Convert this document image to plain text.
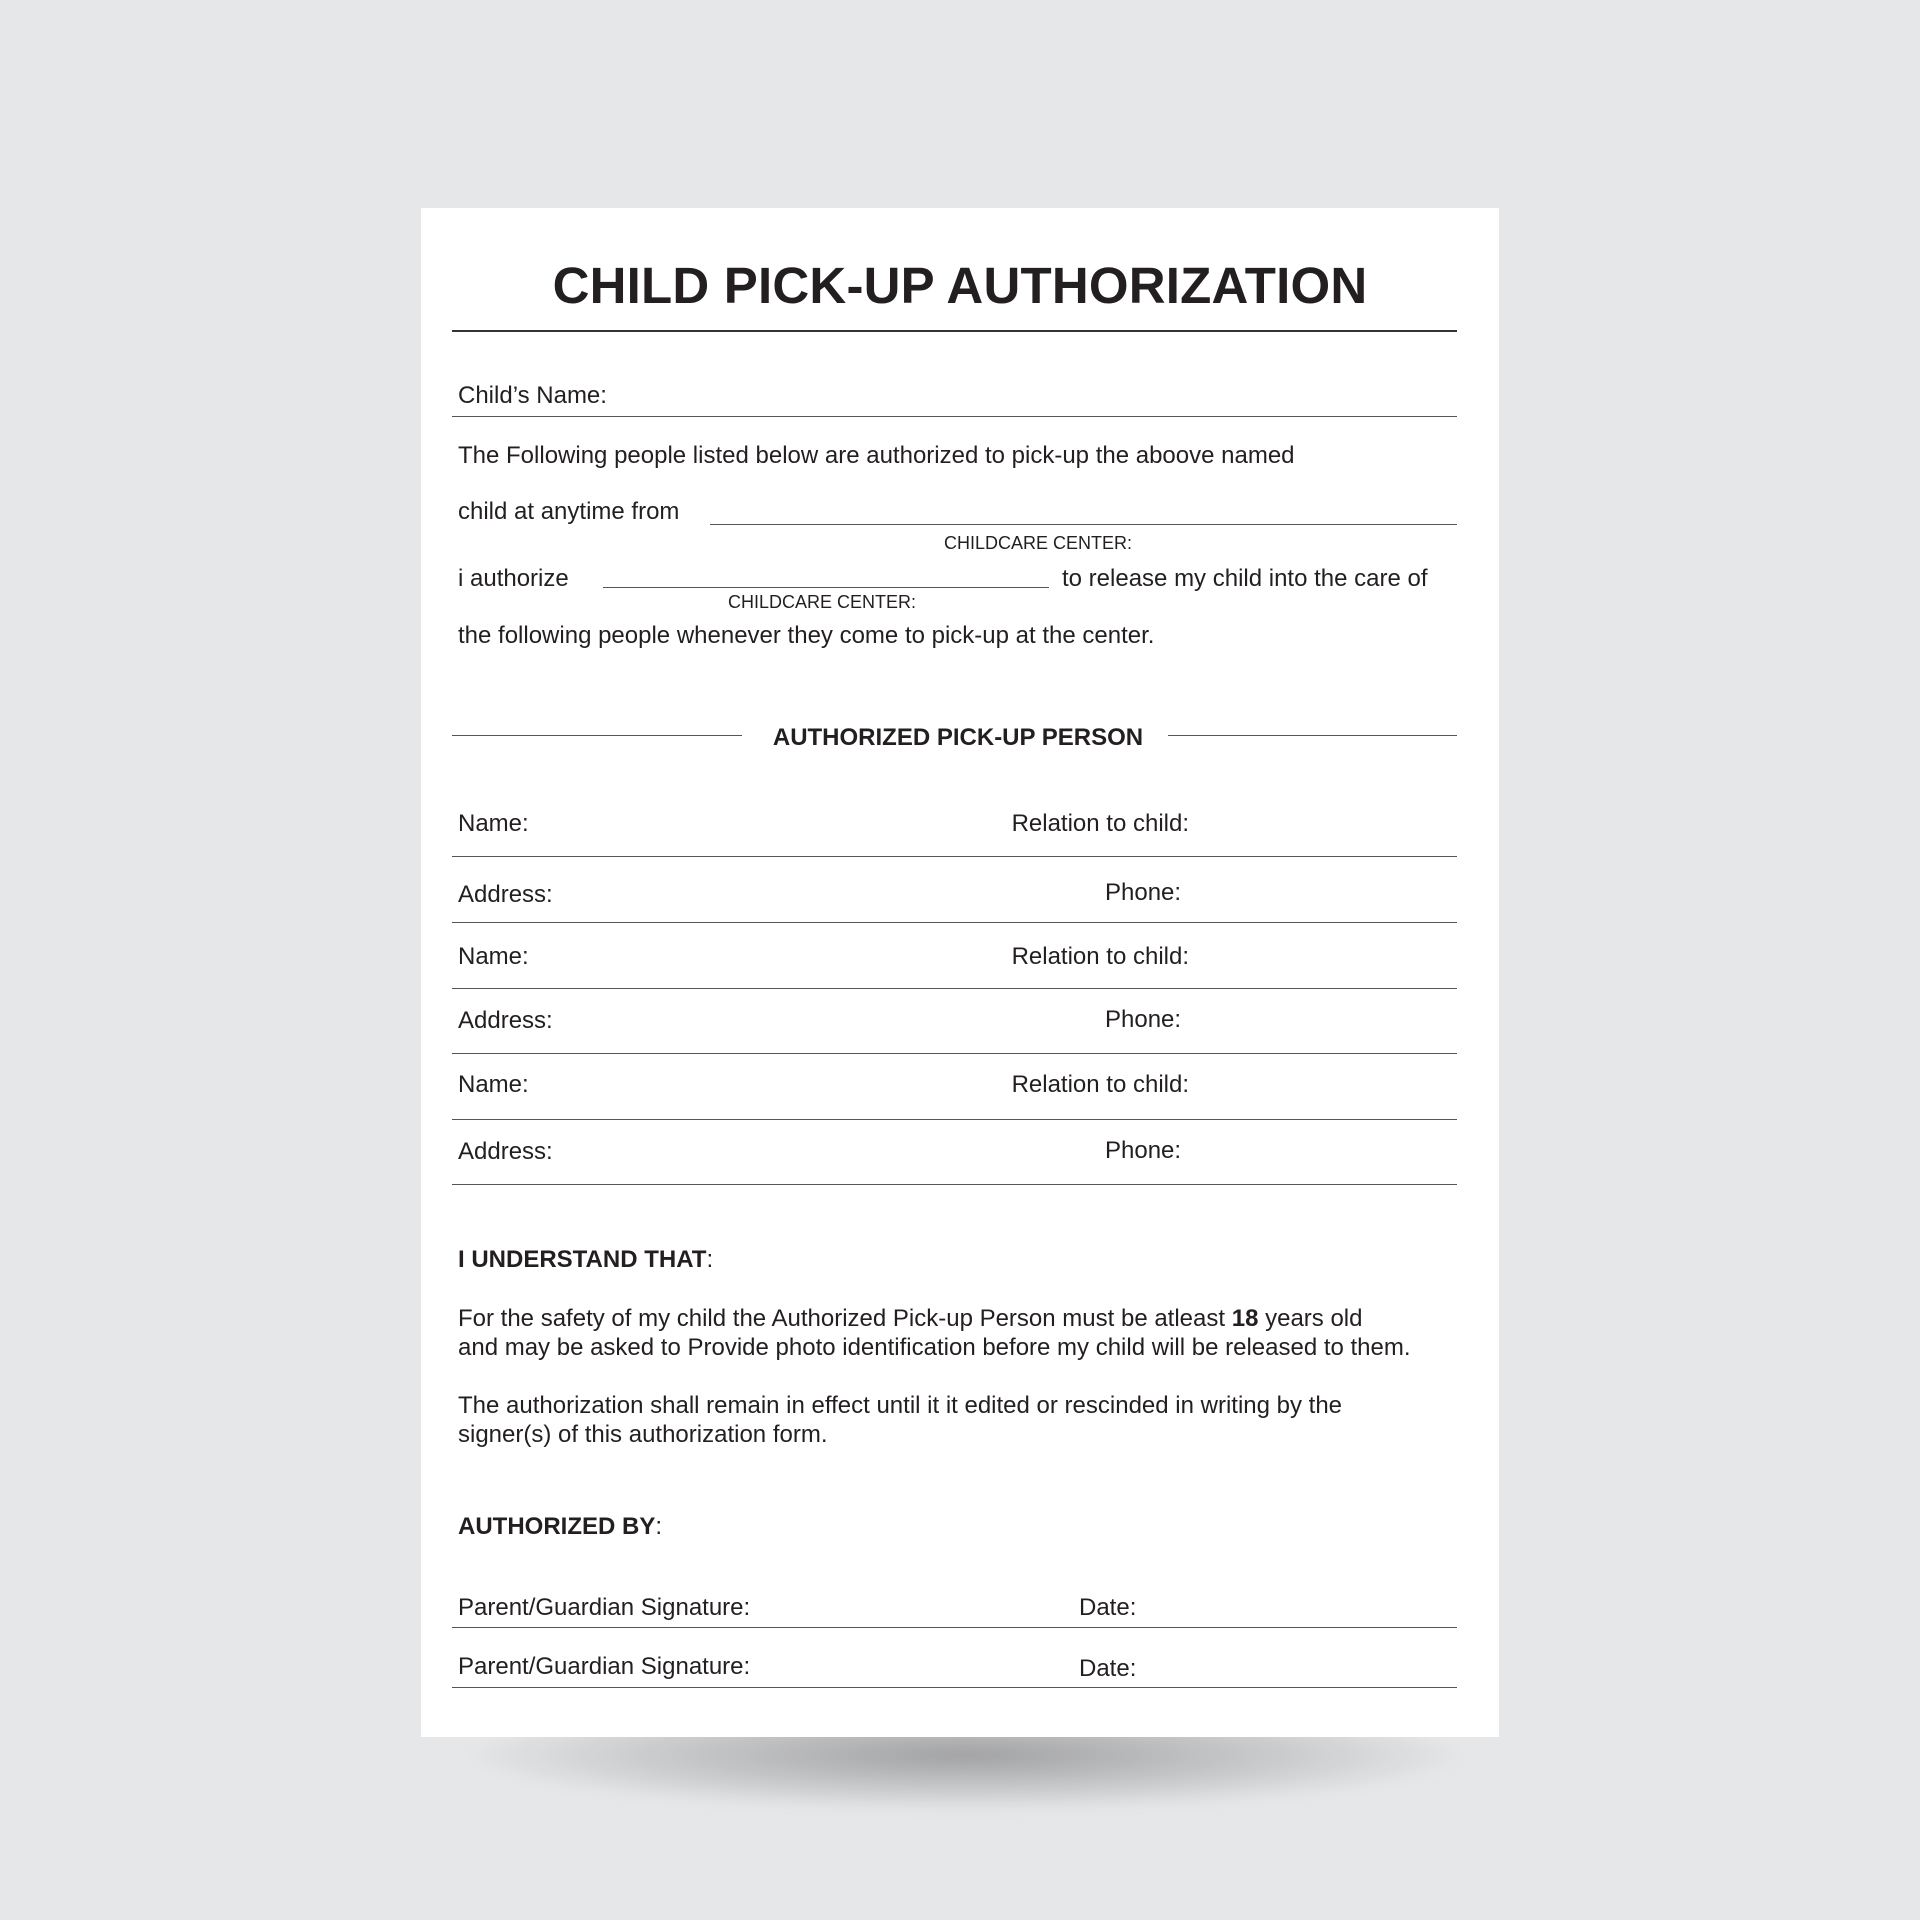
CHILD PICK-UP AUTHORIZATION
Child’s Name:
The Following people listed below are authorized to pick-up the aboove named
child at anytime from
CHILDCARE CENTER:
i authorize	to release my child into the care of
CHILDCARE CENTER:
the following people whenever they come to pick-up at the center.
AUTHORIZED PICK-UP PERSON
Name:	Relation to child:
Address:	Phone:
Name:	Relation to child:
Address:	Phone:
Name:	Relation to child:
Address:	Phone:
I UNDERSTAND THAT:
For the safety of my child the Authorized Pick-up Person must be atleast 18 years old
and may be asked to Provide photo identification before my child will be released to them.
The authorization shall remain in effect until it it edited or rescinded in writing by the
signer(s) of this authorization form.
AUTHORIZED BY:
Parent/Guardian Signature:	Date:
Parent/Guardian Signature:	Date:
